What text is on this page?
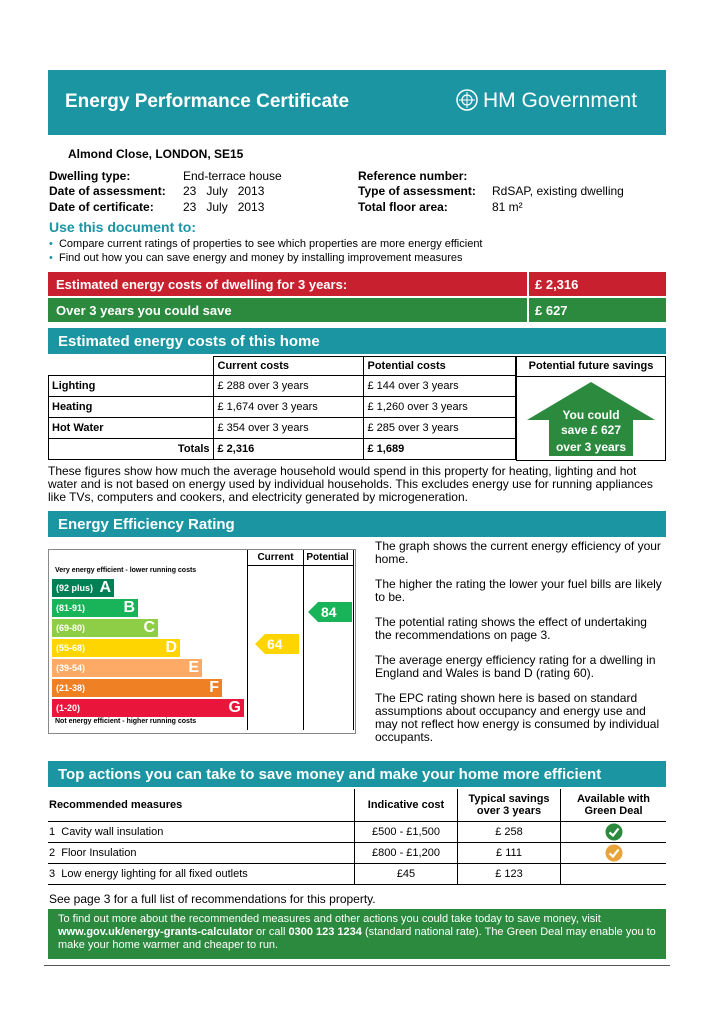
Energy Performance Certificate	HM Government
Almond Close, LONDON, SE15
Dwelling type:	End-terrace house
Date of assessment: 23   July   2013
Date of certificate: 23   July   2013
Reference number:
Type of assessment: RdSAP, existing dwelling
Total floor area:	81 m²
Use this document to:
• Compare current ratings of properties to see which properties are more energy efficient
• Find out how you can save energy and money by installing improvement measures
Estimated energy costs of dwelling for 3 years:	£ 2,316
Over 3 years you could save	£ 627
Estimated energy costs of this home
	Current costs	Potential costs
Lighting	£ 288 over 3 years	£ 144 over 3 years
Heating	£ 1,674 over 3 years	£ 1,260 over 3 years
Hot Water	£ 354 over 3 years	£ 285 over 3 years
Totals	£ 2,316	£ 1,689
Potential future savings
You could
save £ 627
over 3 years
These figures show how much the average household would spend in this property for heating, lighting and hot water and is not based on energy used by individual households. This excludes energy use for running appliances like TVs, computers and cookers, and electricity generated by microgeneration.
Energy Efficiency Rating
Very energy efficient - lower running costs
Not energy efficient - higher running costs
Current	Potential
64
84
(92 plus) A
(81-91) B
(69-80)	C
(55-68)	D
(39-54)	E
(21-38)	F
(1-20)	G

The graph shows the current energy efficiency of your home.

The higher the rating the lower your fuel bills are likely to be.

The potential rating shows the effect of undertaking the recommendations on page 3.

The average energy efficiency rating for a dwelling in England and Wales is band D (rating 60).

The EPC rating shown here is based on standard assumptions about occupancy and energy use and may not reflect how energy is consumed by individual occupants.

Top actions you can take to save money and make your home more efficient
Recommended measures	Indicative cost	Typical savings over 3 years	Available with Green Deal
1 Cavity wall insulation	£500 - £1,500	£ 258	
2 Floor Insulation	£800 - £1,200	£ 111	
3 Low energy lighting for all fixed outlets	£45	£ 123	
See page 3 for a full list of recommendations for this property.
To find out more about the recommended measures and other actions you could take today to save money, visit
www.gov.uk/energy-grants-calculator or call 0300 123 1234 (standard national rate). The Green Deal may enable you to make your home warmer and cheaper to run.
